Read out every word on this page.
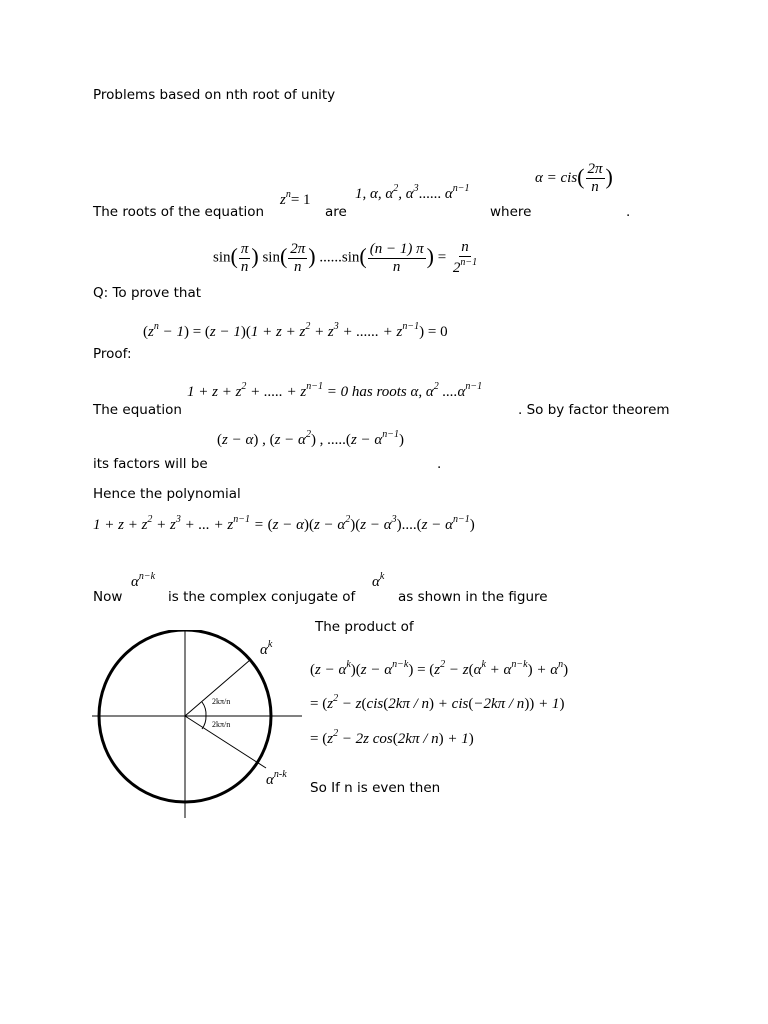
Problems based on nth root of unity
The roots of the equation
$z^n= 1$
are
1, α, $\alpha^2$, $\alpha^3$...... $\alpha^{n-1}$
where
$\alpha = cis( \frac{2\pi}{n}$ )
.
$\sin( \frac{\pi}{n}$ ) $\sin( \frac{2\pi}{n}$ ) $......\sin( \frac{(n - 1) \pi}{n}$ ) = $\frac{n}{2^{n-1}}$
Q: To prove that
$(z^n - 1) = (z - 1)(1 + z + z^2 + z^3$ + ...... + $z^{n-1}) = 0$
Proof:
The equation
$1 + z + z^2$ + ..... + $z^{n-1} = 0$ has roots α, $\alpha^2$ $....\alpha^{n-1}$
. So by factor theorem
(z − α) , $(z - \alpha^2)$ , $.....(z - \alpha^{n-1})$
its factors will be	.
Hence the polynomial
$1 + z + z^2 + z^3$ + ... + $z^{n-1} = (z - \alpha)(z - \alpha^2)(z - \alpha^3)....(z - \alpha^{n-1})$
Now
$\alpha^{n-k}$
is the complex conjugate of
$\alpha^k$
as shown in the figure
$\alpha^k$
$\alpha^{n-k}$
2kπ/n
2kπ/n
The product of
$(z - \alpha^k)(z - \alpha^{n-k}) = (z^2 - z(\alpha^k + \alpha^{n-k}) + \alpha^n)$
= $(z^2 - z(cis(2k\pi / n) + cis(-2k\pi / n)) + 1)$
= ($z^2 - 2z$ cos(2kπ / n) + 1)
So If n is even then
